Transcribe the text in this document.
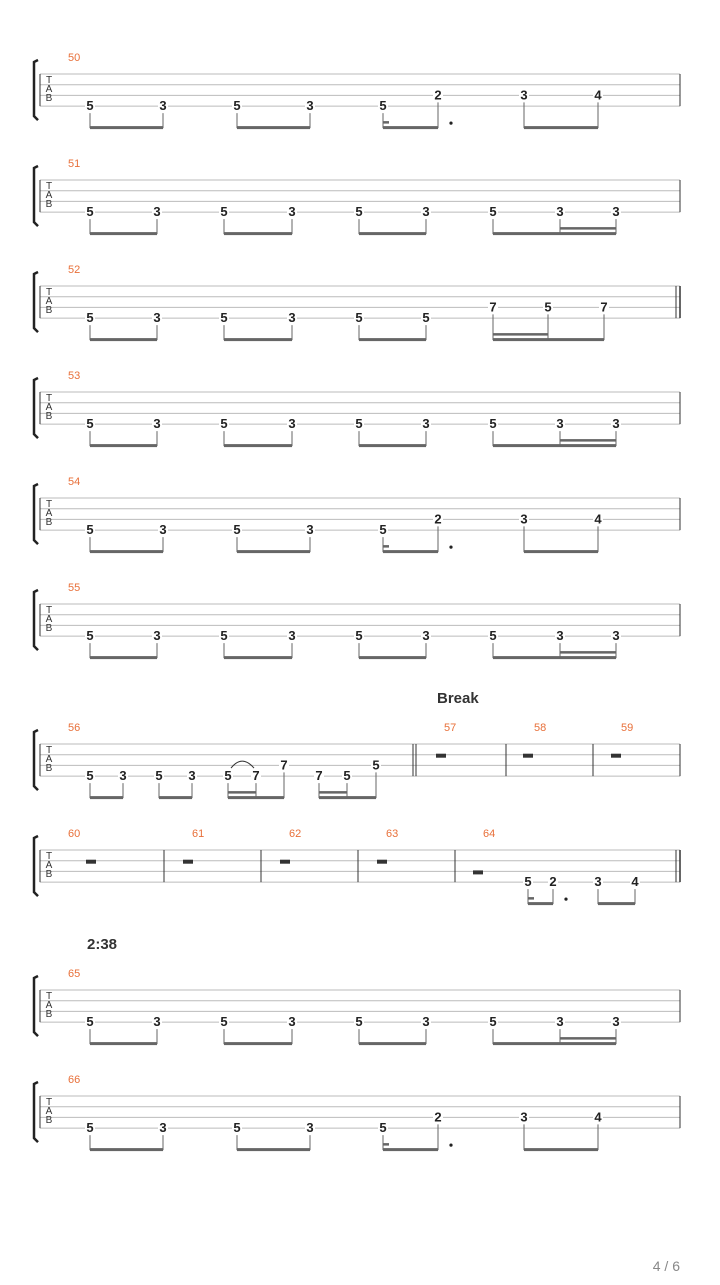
T
A
B
50
5	3	5	3	5
2	3	4
T
A
B
51
5	3	5	3	5	3	5	3	3
T
A
B
52
5	3	5	3	5	5
7	5	7
T
A
B
53
5	3	5	3	5	3	5	3	3
T
A
B
54
5	3	5	3	5
2	3	4
T
A
B
55
5	3	5	3	5	3	5	3	3
T
A
B
56
5 3 5 3 5 7
7
7 5
5
57	58	59
T
A
B
60	61	62	63	64
5 2	3 4
T
A
B
65
5	3	5	3	5	3	5	3	3
T
A
B
66
5	3	5	3	5
2	3	4
Break
2:38
4 / 6
